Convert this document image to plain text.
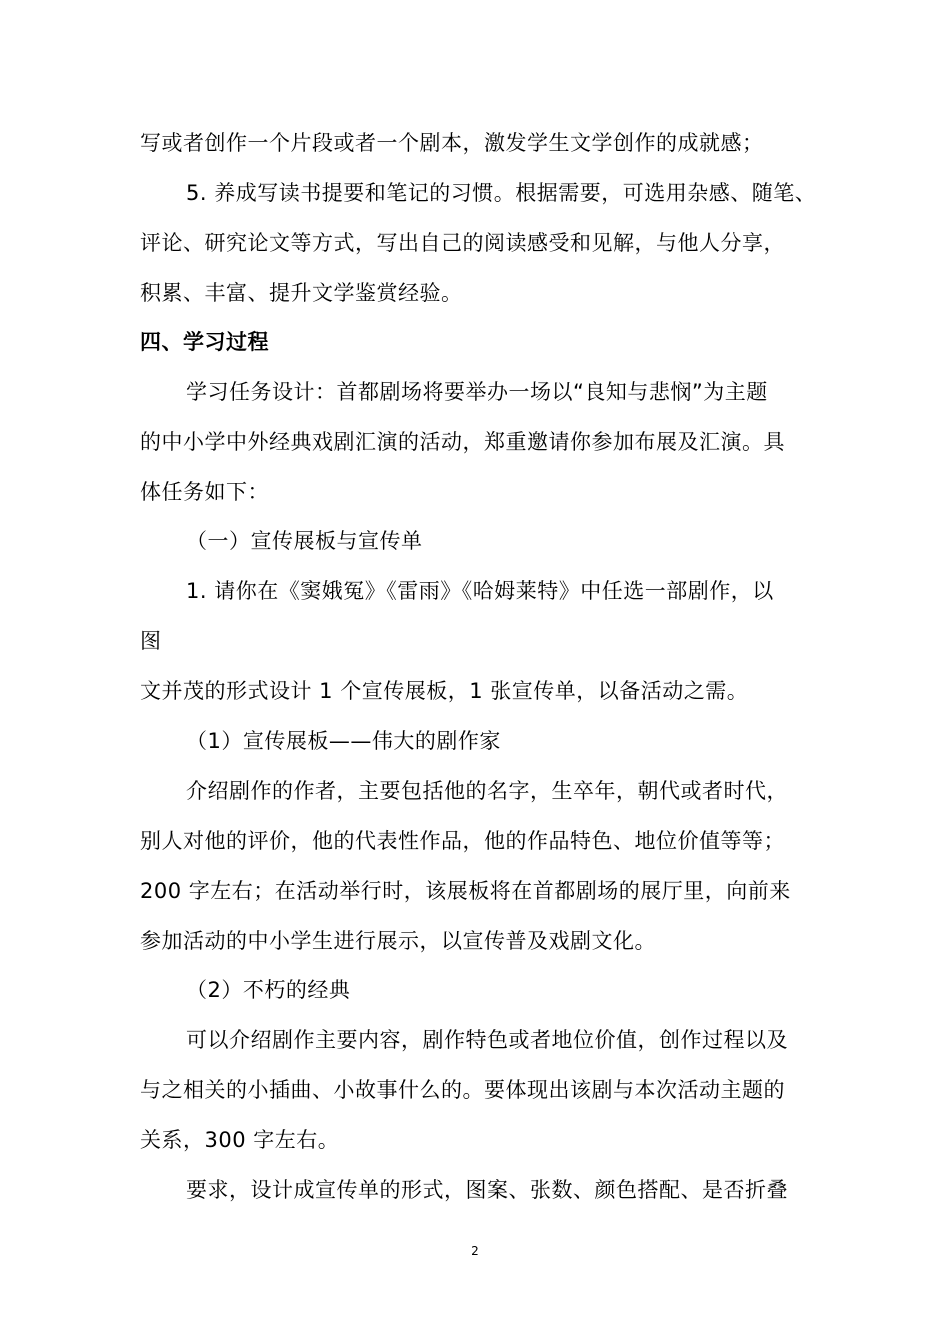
写或者创作一个片段或者一个剧本，激发学生文学创作的成就感；
5. 养成写读书提要和笔记的习惯。根据需要，可选用杂感、随笔、
评论、研究论文等方式，写出自己的阅读感受和见解，与他人分享，
积累、丰富、提升文学鉴赏经验。
四、学习过程
学习任务设计：首都剧场将要举办一场以“良知与悲悯”为主题
的中小学中外经典戏剧汇演的活动，郑重邀请你参加布展及汇演。具
体任务如下：
（一）宣传展板与宣传单
1. 请你在《窦娥冤》《雷雨》《哈姆莱特》中任选一部剧作，以
图
文并茂的形式设计 1 个宣传展板，1 张宣传单，以备活动之需。
（1）宣传展板——伟大的剧作家
介绍剧作的作者，主要包括他的名字，生卒年，朝代或者时代，
别人对他的评价，他的代表性作品，他的作品特色、地位价值等等；
200 字左右；在活动举行时，该展板将在首都剧场的展厅里，向前来
参加活动的中小学生进行展示，以宣传普及戏剧文化。
（2）不朽的经典
可以介绍剧作主要内容，剧作特色或者地位价值，创作过程以及
与之相关的小插曲、小故事什么的。要体现出该剧与本次活动主题的
关系，300 字左右。
要求，设计成宣传单的形式，图案、张数、颜色搭配、是否折叠
2
